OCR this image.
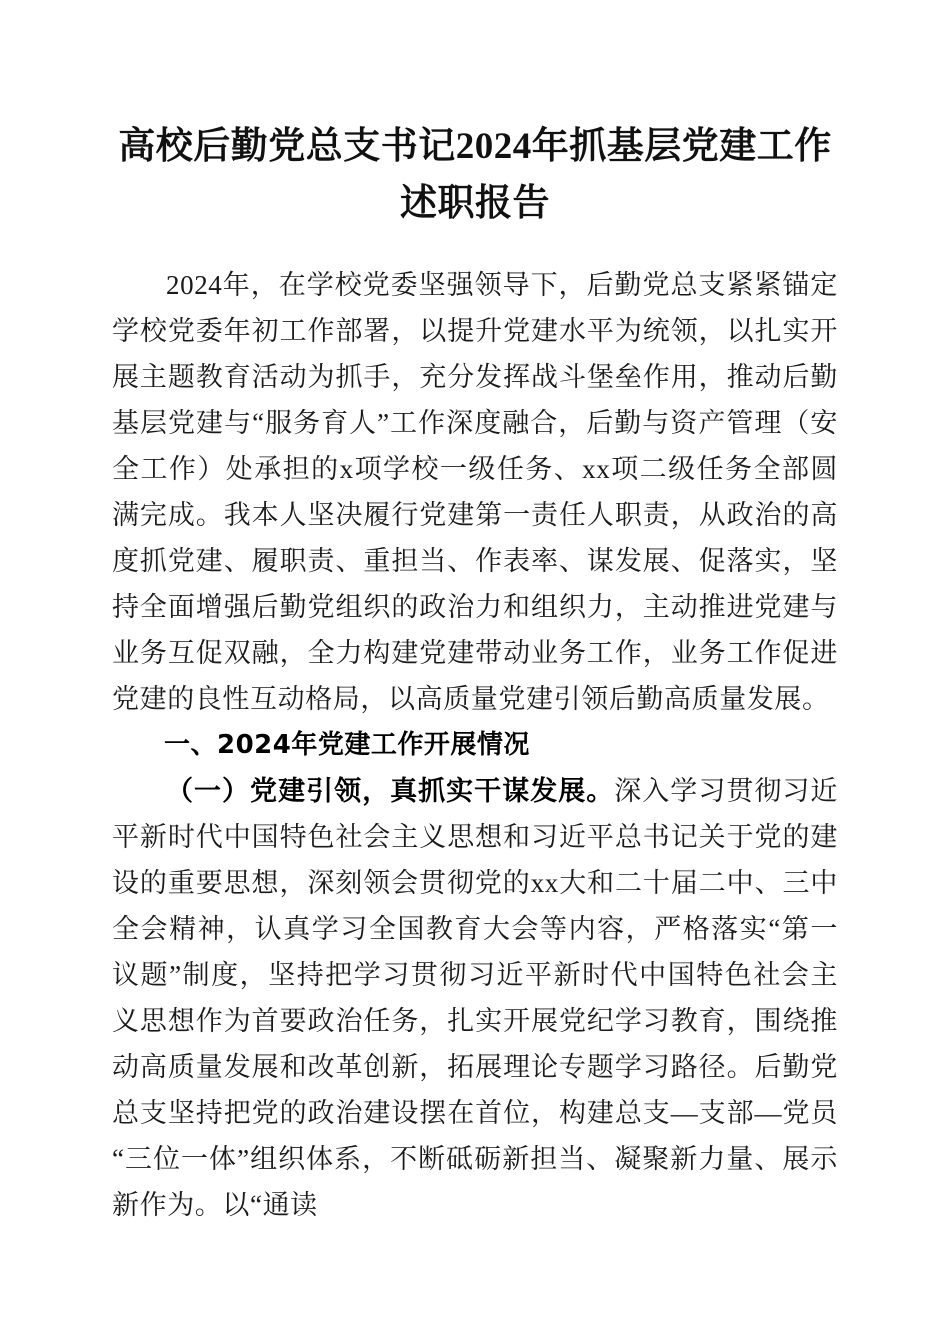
高校后勤党总支书记2024年抓基层党建工作 述职报告

2024年，在学校党委坚强领导下，后勤党总支紧紧锚定学校党委年初工作部署，以提升党建水平为统领，以扎实开展主题教育活动为抓手，充分发挥战斗堡垒作用，推动后勤基层党建与“服务育人”工作深度融合，后勤与资产管理（安全工作）处承担的x项学校一级任务、xx项二级任务全部圆满完成。我本人坚决履行党建第一责任人职责，从政治的高度抓党建、履职责、重担当、作表率、谋发展、促落实，坚持全面增强后勤党组织的政治力和组织力，主动推进党建与业务互促双融，全力构建党建带动业务工作，业务工作促进党建的良性互动格局，以高质量党建引领后勤高质量发展。

一、2024年党建工作开展情况

（一）党建引领，真抓实干谋发展。深入学习贯彻习近平新时代中国特色社会主义思想和习近平总书记关于党的建设的重要思想，深刻领会贯彻党的xx大和二十届二中、三中全会精神，认真学习全国教育大会等内容，严格落实“第一议题”制度，坚持把学习贯彻习近平新时代中国特色社会主义思想作为首要政治任务，扎实开展党纪学习教育，围绕推动高质量发展和改革创新，拓展理论专题学习路径。后勤党总支坚持把党的政治建设摆在首位，构建总支—支部—党员“三位一体”组织体系，不断砥砺新担当、凝聚新力量、展示新作为。以“通读
